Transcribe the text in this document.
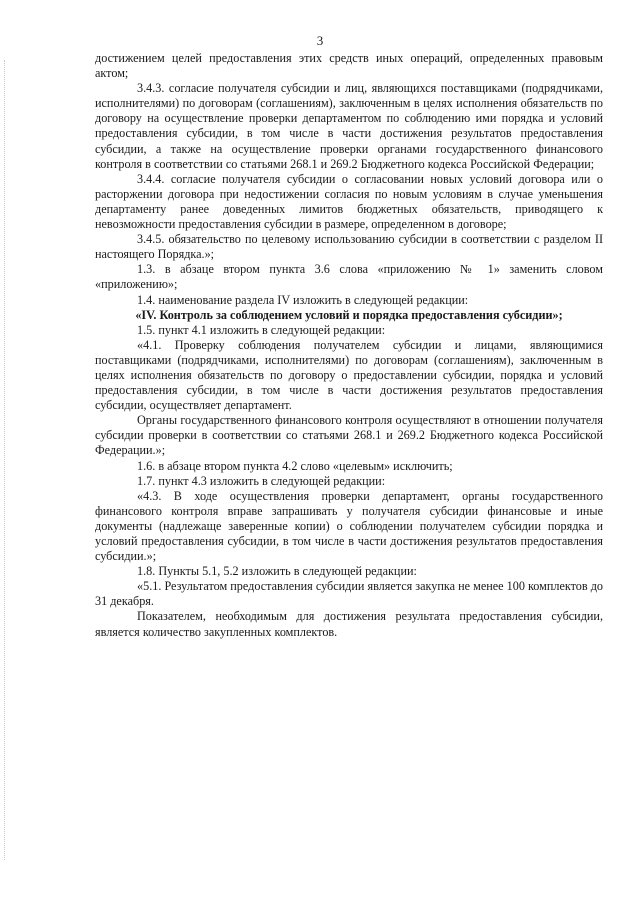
3

достижением целей предоставления этих средств иных операций, определенных правовым актом;

3.4.3. согласие получателя субсидии и лиц, являющихся поставщиками (подрядчиками, исполнителями) по договорам (соглашениям), заключенным в целях исполнения обязательств по договору на осуществление проверки департаментом по соблюдению ими порядка и условий предоставления субсидии, в том числе в части достижения результатов предоставления субсидии, а также на осуществление проверки органами государственного финансового контроля в соответствии со статьями 268.1 и 269.2 Бюджетного кодекса Российской Федерации;

3.4.4. согласие получателя субсидии о согласовании новых условий договора или о расторжении договора при недостижении согласия по новым условиям в случае уменьшения департаменту ранее доведенных лимитов бюджетных обязательств, приводящего к невозможности предоставления субсидии в размере, определенном в договоре;

3.4.5. обязательство по целевому использованию субсидии в соответствии с разделом II настоящего Порядка.»;

1.3. в абзаце втором пункта 3.6 слова «приложению № 1» заменить словом «приложению»;

1.4. наименование раздела IV изложить в следующей редакции:

«IV. Контроль за соблюдением условий и порядка предоставления субсидии»;

1.5. пункт 4.1 изложить в следующей редакции:

«4.1. Проверку соблюдения получателем субсидии и лицами, являющимися поставщиками (подрядчиками, исполнителями) по договорам (соглашениям), заключенным в целях исполнения обязательств по договору о предоставлении субсидии, порядка и условий предоставления субсидии, в том числе в части достижения результатов предоставления субсидии, осуществляет департамент.

Органы государственного финансового контроля осуществляют в отношении получателя субсидии проверки в соответствии со статьями 268.1 и 269.2 Бюджетного кодекса Российской Федерации.»;

1.6. в абзаце втором пункта 4.2 слово «целевым» исключить;

1.7. пункт 4.3 изложить в следующей редакции:

«4.3. В ходе осуществления проверки департамент, органы государственного финансового контроля вправе запрашивать у получателя субсидии финансовые и иные документы (надлежаще заверенные копии) о соблюдении получателем субсидии порядка и условий предоставления субсидии, в том числе в части достижения результатов предоставления субсидии.»;

1.8. Пункты 5.1, 5.2 изложить в следующей редакции:

«5.1. Результатом предоставления субсидии является закупка не менее 100 комплектов до 31 декабря.

Показателем, необходимым для достижения результата предоставления субсидии, является количество закупленных комплектов.
